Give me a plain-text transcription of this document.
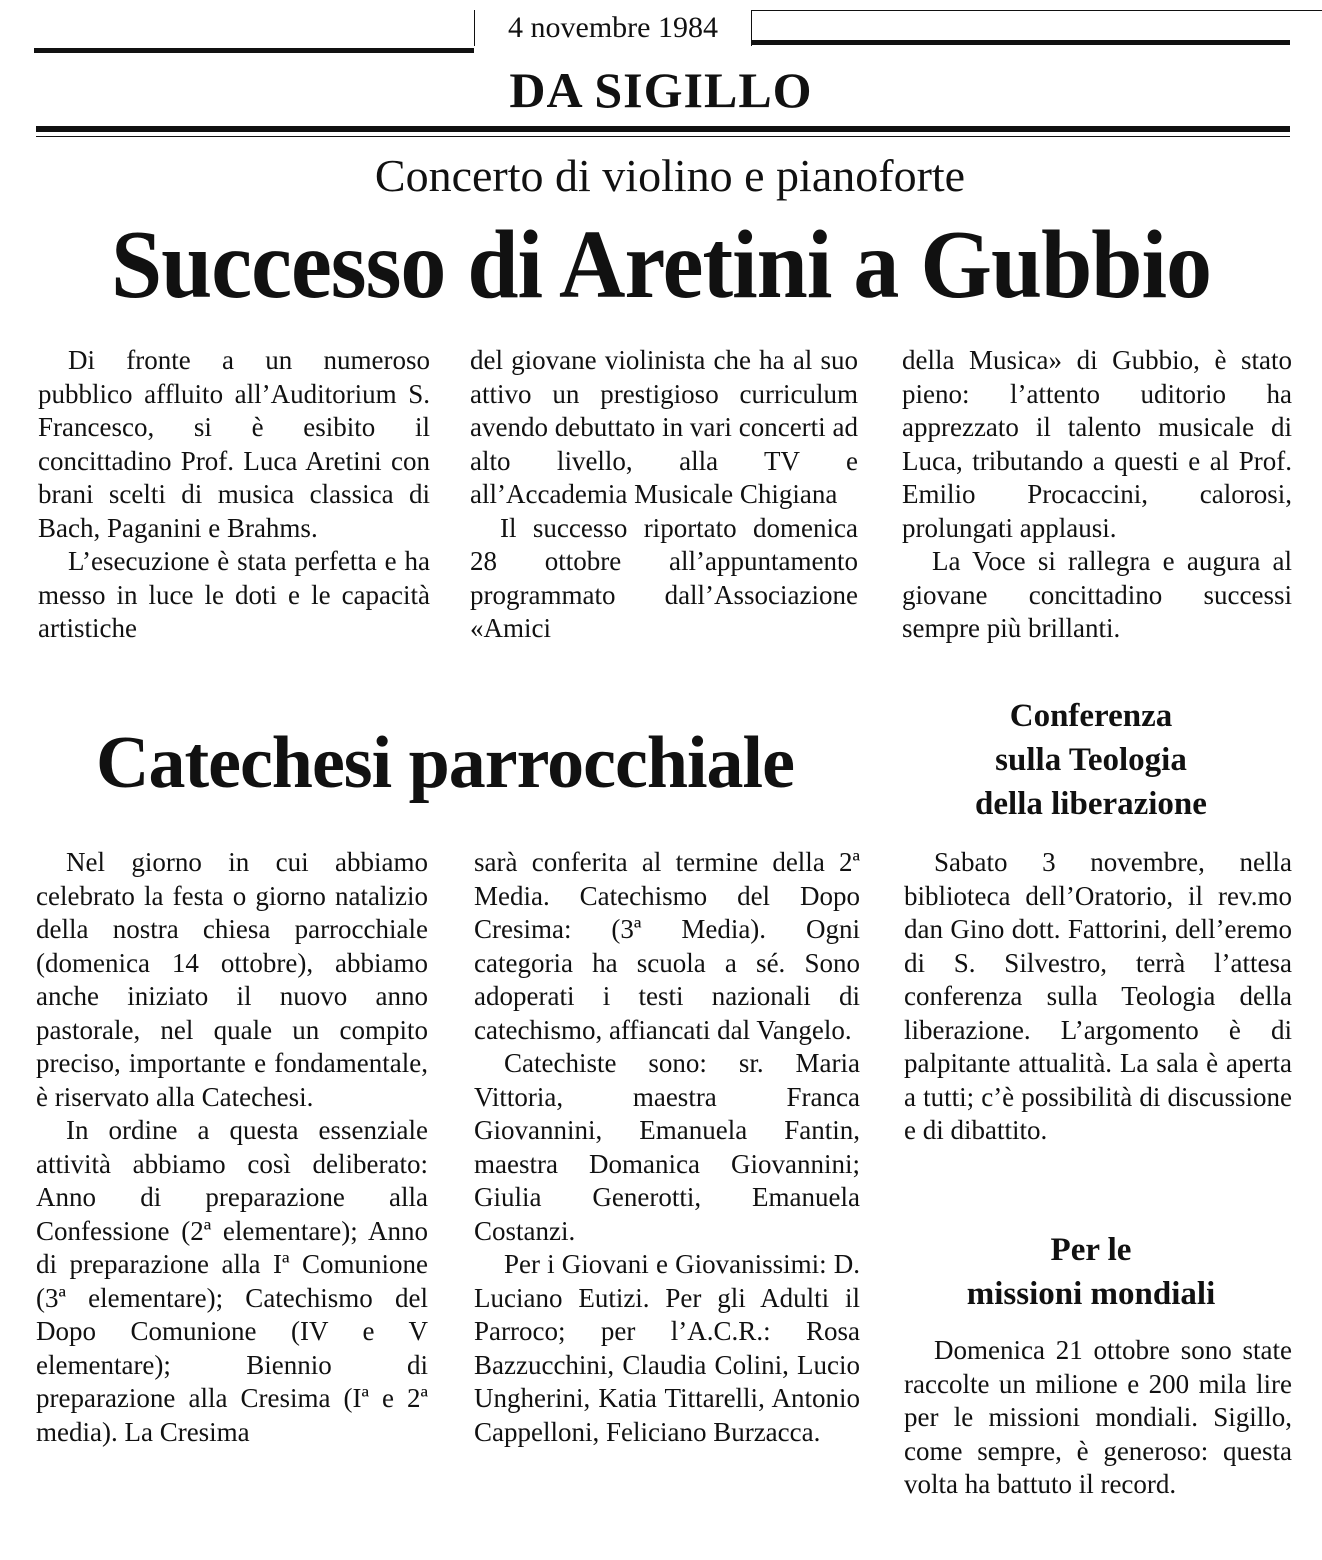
4 novembre 1984
DA SIGILLO
Concerto di violino e pianoforte
Successo di Aretini a Gubbio

Di fronte a un numeroso pubblico affluito all’Auditorium S. Francesco, si è esibito il concittadino Prof. Luca Aretini con brani scelti di musica classica di Bach, Paganini e Brahms.

L’esecuzione è stata perfetta e ha messo in luce le doti e le capacità artistiche

del giovane violinista che ha al suo attivo un prestigioso curriculum avendo debuttato in vari concerti ad alto livello, alla TV e all’Accademia Musicale Chigiana

Il successo riportato domenica 28 ottobre all’appuntamento programmato dall’Associazione «Amici

della Musica» di Gubbio, è stato pieno: l’attento uditorio ha apprezzato il talento musicale di Luca, tributando a questi e al Prof. Emilio Procaccini, calorosi, prolungati applausi.

La Voce si rallegra e augura al giovane concittadino successi sempre più brillanti.

Catechesi parrocchiale

Nel giorno in cui abbiamo celebrato la festa o giorno natalizio della nostra chiesa parrocchiale (domenica 14 ottobre), abbiamo anche iniziato il nuovo anno pastorale, nel quale un compito preciso, importante e fondamentale, è riservato alla Catechesi.

In ordine a questa essenziale attività abbiamo così deliberato: Anno di preparazione alla Confessione (2ª elementare); Anno di preparazione alla Iª Comunione (3ª elementare); Catechismo del Dopo Comunione (IV e V elementare); Biennio di preparazione alla Cresima (Iª e 2ª media). La Cresima

sarà conferita al termine della 2ª Media. Catechismo del Dopo Cresima: (3ª Media). Ogni categoria ha scuola a sé. Sono adoperati i testi nazionali di catechismo, affiancati dal Vangelo.

Catechiste sono: sr. Maria Vittoria, maestra Franca Giovannini, Emanuela Fantin, maestra Domanica Giovannini; Giulia Generotti, Emanuela Costanzi.

Per i Giovani e Giovanissimi: D. Luciano Eutizi. Per gli Adulti il Parroco; per l’A.C.R.: Rosa Bazzucchini, Claudia Colini, Lucio Ungherini, Katia Tittarelli, Antonio Cappelloni, Feliciano Burzacca.

Conferenza
sulla Teologia
della liberazione

Sabato 3 novembre, nella biblioteca dell’Oratorio, il rev.mo dan Gino dott. Fattorini, dell’eremo di S. Silvestro, terrà l’attesa conferenza sulla Teologia della liberazione. L’argomento è di palpitante attualità. La sala è aperta a tutti; c’è possibilità di discussione e di dibattito.

Per le
missioni mondiali

Domenica 21 ottobre sono state raccolte un milione e 200 mila lire per le missioni mondiali. Sigillo, come sempre, è generoso: questa volta ha battuto il record.
